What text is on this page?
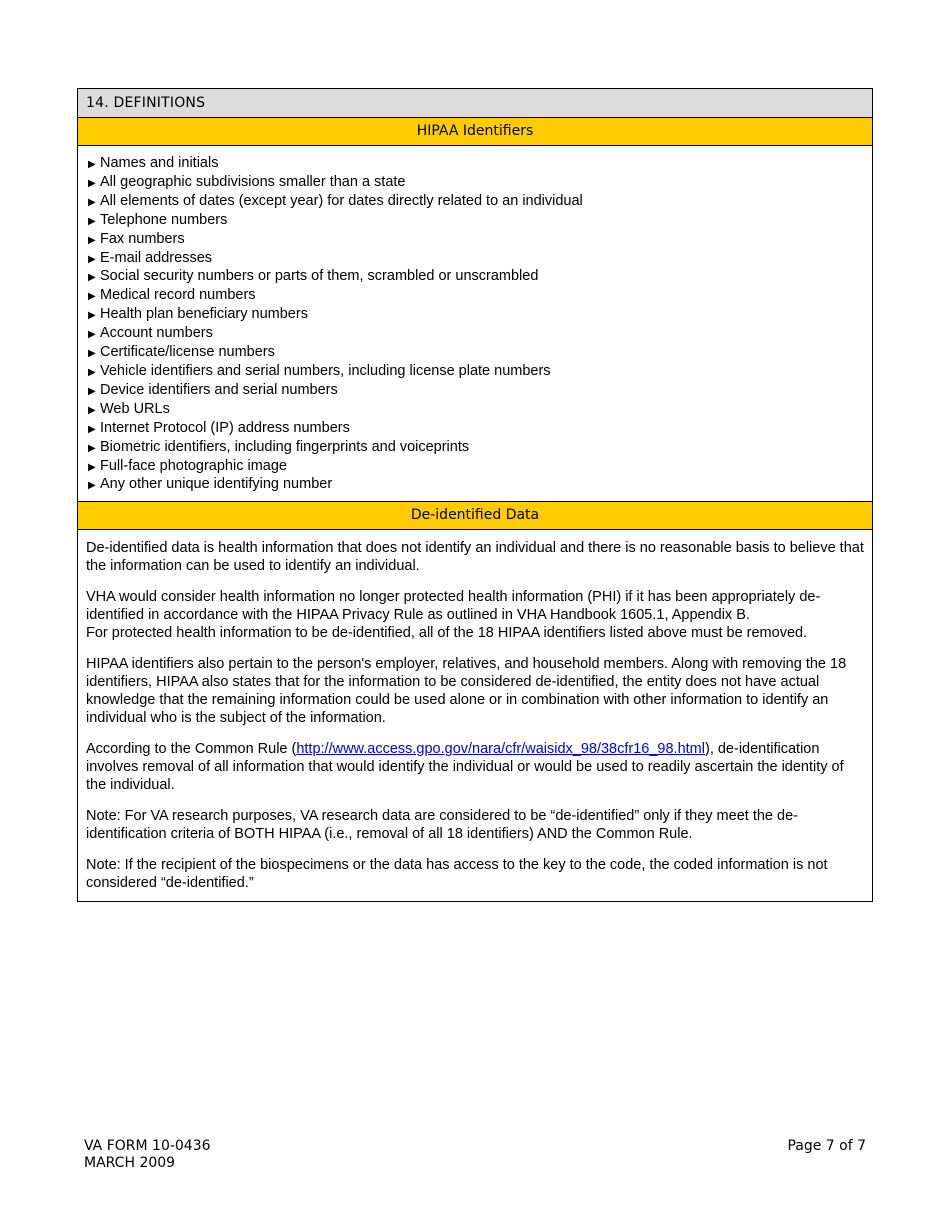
14. DEFINITIONS
HIPAA Identifiers
▶ Names and initials
▶ All geographic subdivisions smaller than a state
▶ All elements of dates (except year) for dates directly related to an individual
▶ Telephone numbers
▶ Fax numbers
▶ E-mail addresses
▶ Social security numbers or parts of them, scrambled or unscrambled
▶ Medical record numbers
▶ Health plan beneficiary numbers
▶ Account numbers
▶ Certificate/license numbers
▶ Vehicle identifiers and serial numbers, including license plate numbers
▶ Device identifiers and serial numbers
▶ Web URLs
▶ Internet Protocol (IP) address numbers
▶ Biometric identifiers, including fingerprints and voiceprints
▶ Full-face photographic image
▶ Any other unique identifying number
De-identified Data

De-identified data is health information that does not identify an individual and there is no reasonable basis to believe that the information can be used to identify an individual.

VHA would consider health information no longer protected health information (PHI) if it has been appropriately de-identified in accordance with the HIPAA Privacy Rule as outlined in VHA Handbook 1605.1, Appendix B.
For protected health information to be de-identified, all of the 18 HIPAA identifiers listed above must be removed.

HIPAA identifiers also pertain to the person's employer, relatives, and household members. Along with removing the 18 identifiers, HIPAA also states that for the information to be considered de-identified, the entity does not have actual knowledge that the remaining information could be used alone or in combination with other information to identify an individual who is the subject of the information.

According to the Common Rule (http://www.access.gpo.gov/nara/cfr/waisidx_98/38cfr16_98.html), de-identification involves removal of all information that would identify the individual or would be used to readily ascertain the identity of the individual.

Note: For VA research purposes, VA research data are considered to be “de-identified” only if they meet the de-identification criteria of BOTH HIPAA (i.e., removal of all 18 identifiers) AND the Common Rule.

Note: If the recipient of the biospecimens or the data has access to the key to the code, the coded information is not considered “de-identified.”

VA FORM 10-0436
MARCH 2009
Page 7 of 7
